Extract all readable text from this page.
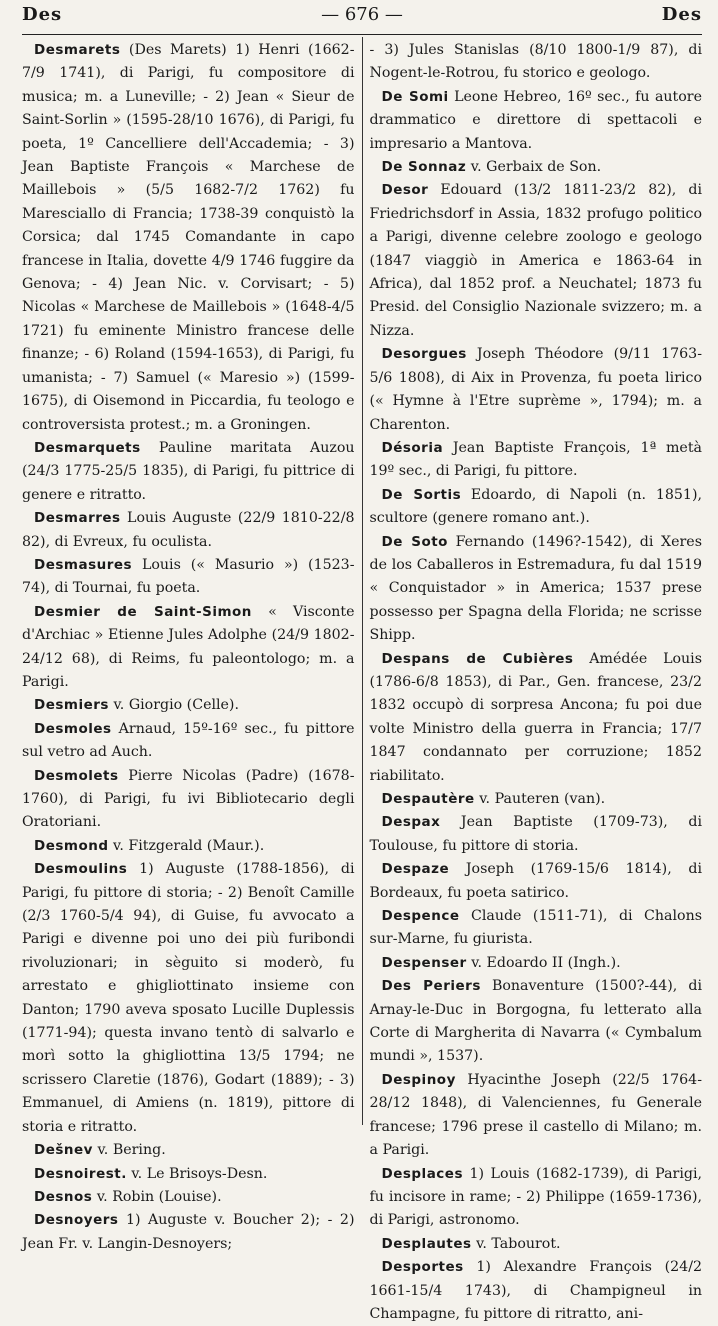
Des	— 676 —	Des

Desmarets (Des Marets) 1) Henri (1662-7/9 1741), di Parigi, fu compositore di musica; m. a Luneville; - 2) Jean « Sieur de Saint-Sorlin » (1595-28/10 1676), di Parigi, fu poeta, 1º Cancelliere dell'Accademia; - 3) Jean Baptiste François « Marchese de Maillebois » (5/5 1682-7/2 1762) fu Maresciallo di Francia; 1738-39 conquistò la Corsica; dal 1745 Comandante in capo francese in Italia, dovette 4/9 1746 fuggire da Genova; - 4) Jean Nic. v. Corvisart; - 5) Nicolas « Marchese de Maillebois » (1648-4/5 1721) fu eminente Ministro francese delle finanze; - 6) Roland (1594-1653), di Parigi, fu umanista; - 7) Samuel (« Maresio ») (1599-1675), di Oisemond in Piccardia, fu teologo e controversista protest.; m. a Groningen.

Desmarquets Pauline maritata Auzou (24/3 1775-25/5 1835), di Parigi, fu pittrice di genere e ritratto.

Desmarres Louis Auguste (22/9 1810-22/8 82), di Evreux, fu oculista.

Desmasures Louis (« Masurio ») (1523-74), di Tournai, fu poeta.

Desmier de Saint-Simon « Visconte d'Archiac » Etienne Jules Adolphe (24/9 1802-24/12 68), di Reims, fu paleontologo; m. a Parigi.

Desmiers v. Giorgio (Celle).

Desmoles Arnaud, 15º-16º sec., fu pittore sul vetro ad Auch.

Desmolets Pierre Nicolas (Padre) (1678-1760), di Parigi, fu ivi Bibliotecario degli Oratoriani.

Desmond v. Fitzgerald (Maur.).

Desmoulins 1) Auguste (1788-1856), di Parigi, fu pittore di storia; - 2) Benoît Camille (2/3 1760-5/4 94), di Guise, fu avvocato a Parigi e divenne poi uno dei più furibondi rivoluzionari; in sèguito si moderò, fu arrestato e ghigliottinato insieme con Danton; 1790 aveva sposato Lucille Duplessis (1771-94); questa invano tentò di salvarlo e morì sotto la ghigliottina 13/5 1794; ne scrissero Claretie (1876), Godart (1889); - 3) Emmanuel, di Amiens (n. 1819), pittore di storia e ritratto.

Dešnev v. Bering.

Desnoirest. v. Le Brisoys-Desn.

Desnos v. Robin (Louise).

Desnoyers 1) Auguste v. Boucher 2); - 2) Jean Fr. v. Langin-Desnoyers;

- 3) Jules Stanislas (8/10 1800-1/9 87), di Nogent-le-Rotrou, fu storico e geologo.

De Somi Leone Hebreo, 16º sec., fu autore drammatico e direttore di spettacoli e impresario a Mantova.

De Sonnaz v. Gerbaix de Son.

Desor Edouard (13/2 1811-23/2 82), di Friedrichsdorf in Assia, 1832 profugo politico a Parigi, divenne celebre zoologo e geologo (1847 viaggiò in America e 1863-64 in Africa), dal 1852 prof. a Neuchatel; 1873 fu Presid. del Consiglio Nazionale svizzero; m. a Nizza.

Desorgues Joseph Théodore (9/11 1763-5/6 1808), di Aix in Provenza, fu poeta lirico (« Hymne à l'Etre suprème », 1794); m. a Charenton.

Désoria Jean Baptiste François, 1ª metà 19º sec., di Parigi, fu pittore.

De Sortis Edoardo, di Napoli (n. 1851), scultore (genere romano ant.).

De Soto Fernando (1496?-1542), di Xeres de los Caballeros in Estremadura, fu dal 1519 « Conquistador » in America; 1537 prese possesso per Spagna della Florida; ne scrisse Shipp.

Despans de Cubières Amédée Louis (1786-6/8 1853), di Par., Gen. francese, 23/2 1832 occupò di sorpresa Ancona; fu poi due volte Ministro della guerra in Francia; 17/7 1847 condannato per corruzione; 1852 riabilitato.

Despautère v. Pauteren (van).

Despax Jean Baptiste (1709-73), di Toulouse, fu pittore di storia.

Despaze Joseph (1769-15/6 1814), di Bordeaux, fu poeta satirico.

Despence Claude (1511-71), di Chalons sur-Marne, fu giurista.

Despenser v. Edoardo II (Ingh.).

Des Periers Bonaventure (1500?-44), di Arnay-le-Duc in Borgogna, fu letterato alla Corte di Margherita di Navarra (« Cymbalum mundi », 1537).

Despinoy Hyacinthe Joseph (22/5 1764-28/12 1848), di Valenciennes, fu Generale francese; 1796 prese il castello di Milano; m. a Parigi.

Desplaces 1) Louis (1682-1739), di Parigi, fu incisore in rame; - 2) Philippe (1659-1736), di Parigi, astronomo.

Desplautes v. Tabourot.

Desportes 1) Alexandre François (24/2 1661-15/4 1743), di Champigneul in Champagne, fu pittore di ritratto, ani-
